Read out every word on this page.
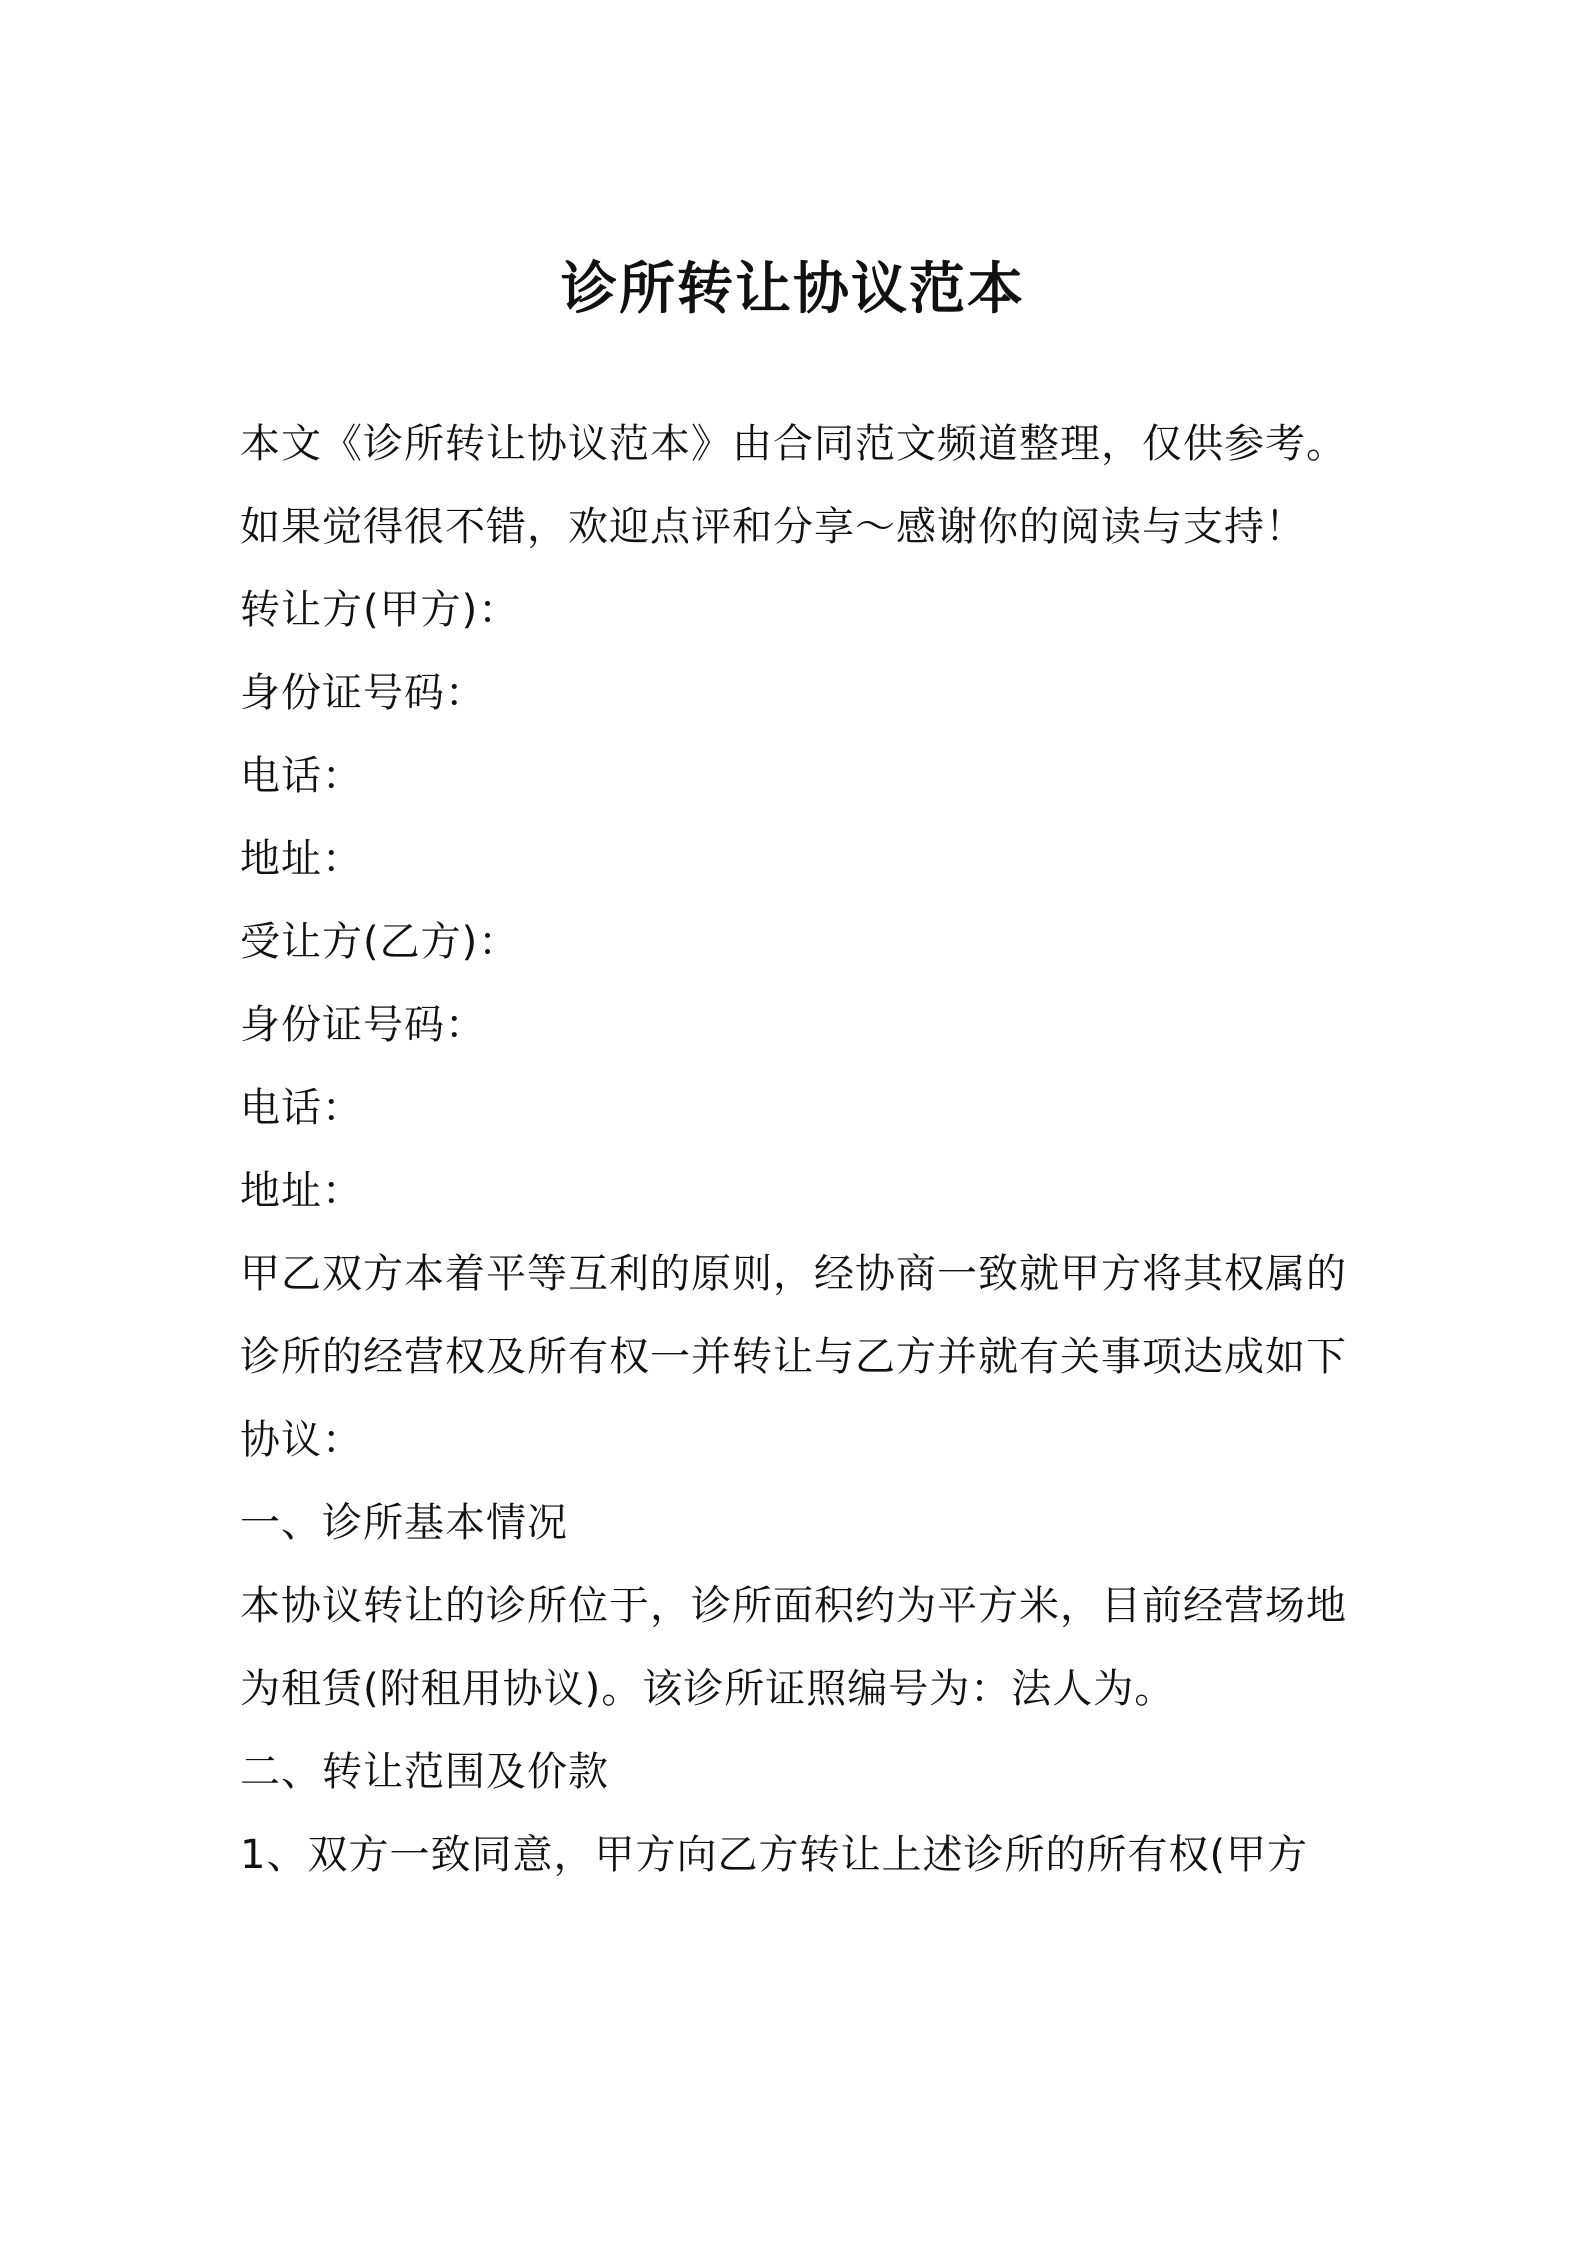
诊所转让协议范本

本文《诊所转让协议范本》由合同范文频道整理，仅供参考。如果觉得很不错，欢迎点评和分享～感谢你的阅读与支持！

转让方(甲方)：

身份证号码：

电话：

地址：

受让方(乙方)：

身份证号码：

电话：

地址：

甲乙双方本着平等互利的原则，经协商一致就甲方将其权属的诊所的经营权及所有权一并转让与乙方并就有关事项达成如下协议：

一、诊所基本情况

本协议转让的诊所位于，诊所面积约为平方米，目前经营场地为租赁(附租用协议)。该诊所证照编号为：法人为。

二、转让范围及价款

1、双方一致同意，甲方向乙方转让上述诊所的所有权(甲方
